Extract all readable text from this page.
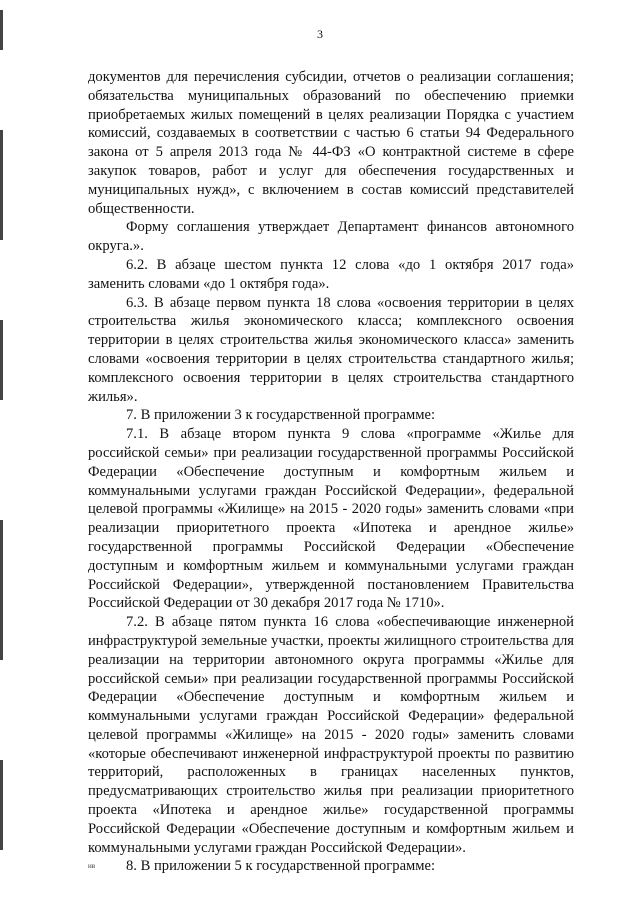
3

документов для перечисления субсидии, отчетов о реализации соглашения; обязательства муниципальных образований по обеспечению приемки приобретаемых жилых помещений в целях реализации Порядка с участием комиссий, создаваемых в соответствии с частью 6 статьи 94 Федерального закона от 5 апреля 2013 года № 44-ФЗ «О контрактной системе в сфере закупок товаров, работ и услуг для обеспечения государственных и муниципальных нужд», с включением в состав комиссий представителей общественности.

Форму соглашения утверждает Департамент финансов автономного округа.».

6.2. В абзаце шестом пункта 12 слова «до 1 октября 2017 года» заменить словами «до 1 октября года».

6.3. В абзаце первом пункта 18 слова «освоения территории в целях строительства жилья экономического класса; комплексного освоения территории в целях строительства жилья экономического класса» заменить словами «освоения территории в целях строительства стандартного жилья; комплексного освоения территории в целях строительства стандартного жилья».

7. В приложении 3 к государственной программе:

7.1. В абзаце втором пункта 9 слова «программе «Жилье для российской семьи» при реализации государственной программы Российской Федерации «Обеспечение доступным и комфортным жильем и коммунальными услугами граждан Российской Федерации», федеральной целевой программы «Жилище» на 2015 - 2020 годы» заменить словами «при реализации приоритетного проекта «Ипотека и арендное жилье» государственной программы Российской Федерации «Обеспечение доступным и комфортным жильем и коммунальными услугами граждан Российской Федерации», утвержденной постановлением Правительства Российской Федерации от 30 декабря 2017 года № 1710».

7.2. В абзаце пятом пункта 16 слова «обеспечивающие инженерной инфраструктурой земельные участки, проекты жилищного строительства для реализации на территории автономного округа программы «Жилье для российской семьи» при реализации государственной программы Российской Федерации «Обеспечение доступным и комфортным жильем и коммунальными услугами граждан Российской Федерации» федеральной целевой программы «Жилище» на 2015 - 2020 годы» заменить словами «которые обеспечивают инженерной инфраструктурой проекты по развитию территорий, расположенных в границах населенных пунктов, предусматривающих строительство жилья при реализации приоритетного проекта «Ипотека и арендное жилье» государственной программы Российской Федерации «Обеспечение доступным и комфортным жильем и коммунальными услугами граждан Российской Федерации».

8. В приложении 5 к государственной программе:

нв
